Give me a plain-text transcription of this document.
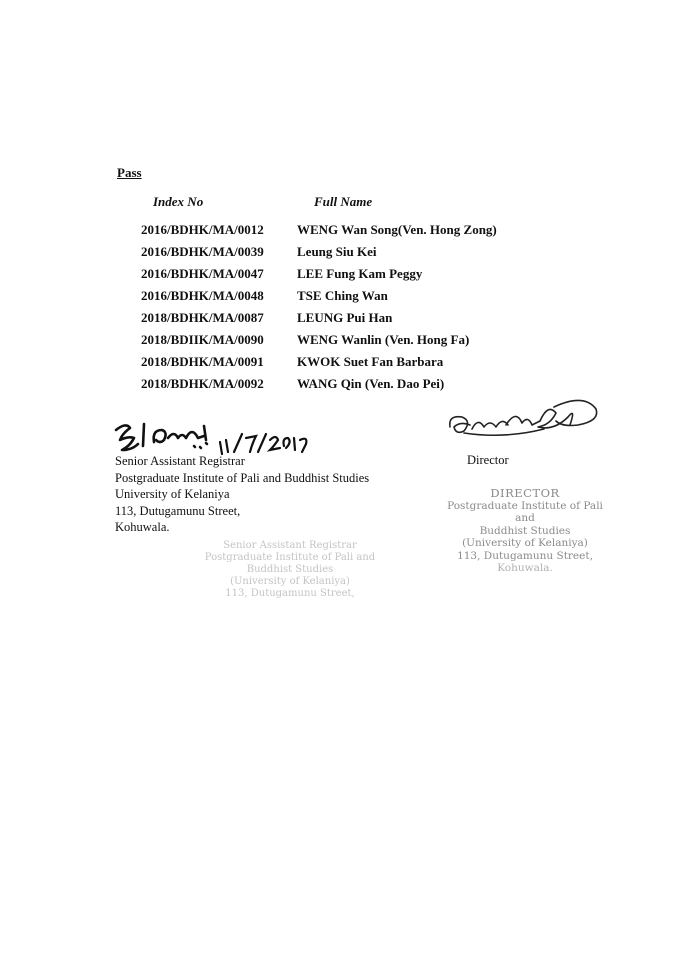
Pass
Index No	Full Name
2016/BDHK/MA/0012	WENG Wan Song(Ven. Hong Zong)
2016/BDHK/MA/0039	Leung Siu Kei
2016/BDHK/MA/0047	LEE Fung Kam Peggy
2016/BDHK/MA/0048	TSE Ching Wan
2018/BDHK/MA/0087	LEUNG Pui Han
2018/BDIIK/MA/0090	WENG Wanlin (Ven. Hong Fa)
2018/BDHK/MA/0091	KWOK Suet Fan Barbara
2018/BDHK/MA/0092	WANG Qin (Ven. Dao Pei)
Senior Assistant Registrar
Postgraduate Institute of Pali and Buddhist Studies
University of Kelaniya
113, Dutugamunu Street,
Kohuwala.
Director
DIRECTOR
Postgraduate Institute of Pali and
Buddhist Studies
(University of Kelaniya)
113, Dutugamunu Street,
Kohuwala.
Senior Assistant Registrar
Postgraduate Institute of Pali and
Buddhist Studies
(University of Kelaniya)
113, Dutugamunu Street,
